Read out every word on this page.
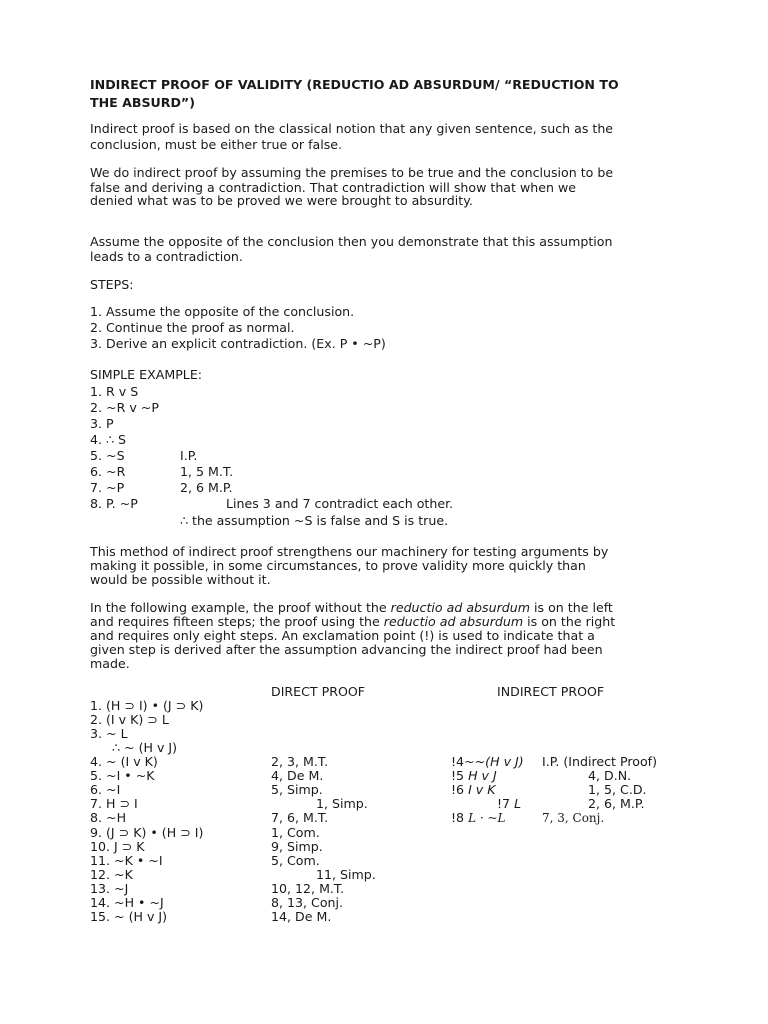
INDIRECT PROOF OF VALIDITY (REDUCTIO AD ABSURDUM/ “REDUCTION TO
THE ABSURD”)
Indirect proof is based on the classical notion that any given sentence, such as the
conclusion, must be either true or false.
We do indirect proof by assuming the premises to be true and the conclusion to be
false and deriving a contradiction. That contradiction will show that when we
denied what was to be proved we were brought to absurdity.
Assume the opposite of the conclusion then you demonstrate that this assumption
leads to a contradiction.
STEPS:
1. Assume the opposite of the conclusion.
2. Continue the proof as normal.
3. Derive an explicit contradiction. (Ex. P • ~P)
SIMPLE EXAMPLE:
1. R v S
2. ~R v ~P
3. P
4. ∴ S
5. ~S	I.P.
6. ~R	1, 5 M.T.
7. ~P	2, 6 M.P.
8. P. ~P	Lines 3 and 7 contradict each other.
∴ the assumption ~S is false and S is true.
This method of indirect proof strengthens our machinery for testing arguments by
making it possible, in some circumstances, to prove validity more quickly than
would be possible without it.
In the following example, the proof without the reductio ad absurdum is on the left
and requires fifteen steps; the proof using the reductio ad absurdum is on the right
and requires only eight steps. An exclamation point (!) is used to indicate that a
given step is derived after the assumption advancing the indirect proof had been
made.
DIRECT PROOF	INDIRECT PROOF
1. (H ⊃ I) • (J ⊃ K)
2. (I v K) ⊃ L
3. ~ L
∴ ~ (H v J)
4. ~ (I v K)	2, 3, M.T.	!4~~(H v J) I.P. (Indirect Proof)
5. ~I • ~K	4, De M.	!5 H v J	4, D.N.
6. ~I	5, Simp.	!6 I v K	1, 5, C.D.
7. H ⊃ I	1, Simp.	!7 L	2, 6, M.P.
8. ~H	7, 6, M.T.	!8 L · ~L	7, 3, Conj.
9. (J ⊃ K) • (H ⊃ I)	1, Com.
10. J ⊃ K	9, Simp.
11. ~K • ~I	5, Com.
12. ~K	11, Simp.
13. ~J	10, 12, M.T.
14. ~H • ~J	8, 13, Conj.
15. ~ (H v J)	14, De M.
